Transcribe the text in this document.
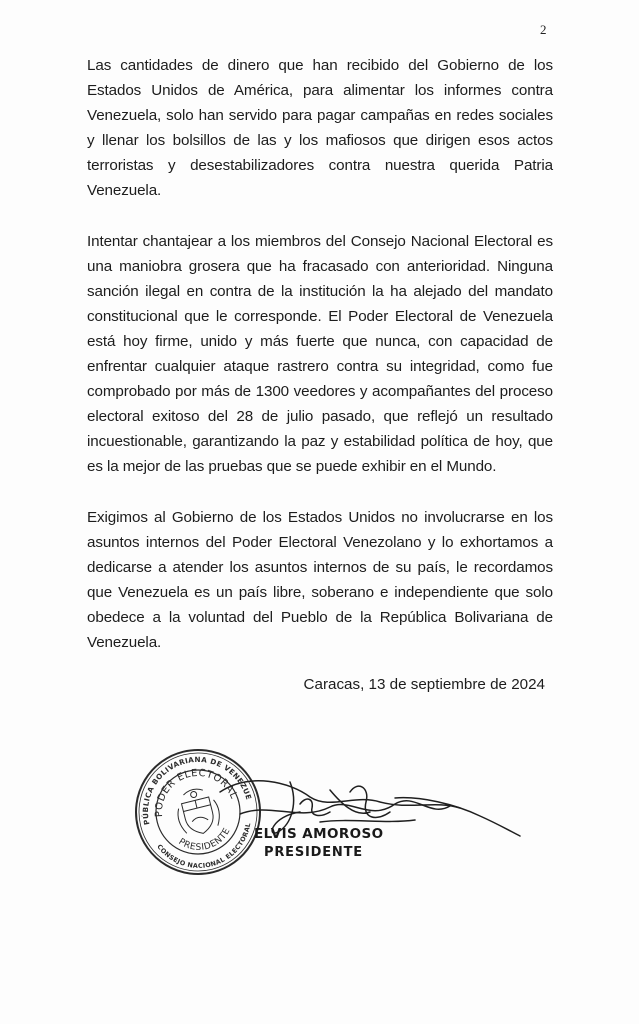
2

Las cantidades de dinero que han recibido del Gobierno de los Estados Unidos de América, para alimentar los informes contra Venezuela, solo han servido para pagar campañas en redes sociales y llenar los bolsillos de las y los mafiosos que dirigen esos actos terroristas y desestabilizadores contra nuestra querida Patria Venezuela.

Intentar chantajear a los miembros del Consejo Nacional Electoral es una maniobra grosera que ha fracasado con anterioridad. Ninguna sanción ilegal en contra de la institución la ha alejado del mandato constitucional que le corresponde. El Poder Electoral de Venezuela está hoy firme, unido y más fuerte que nunca, con capacidad de enfrentar cualquier ataque rastrero contra su integridad, como fue comprobado por más de 1300 veedores y acompañantes del proceso electoral exitoso del 28 de julio pasado, que reflejó un resultado incuestionable, garantizando la paz y estabilidad política de hoy, que es la mejor de las pruebas que se puede exhibir en el Mundo.

Exigimos al Gobierno de los Estados Unidos no involucrarse en los asuntos internos del Poder Electoral Venezolano y lo exhortamos a dedicarse a atender los asuntos internos de su país, le recordamos que Venezuela es un país libre, soberano e independiente que solo obedece a la voluntad del Pueblo de la República Bolivariana de Venezuela.

Caracas, 13 de septiembre de 2024
REPÚBLICA BOLIVARIANA DE VENEZUELA
PODER ELECTORAL
PRESIDENTE
CONSEJO NACIONAL ELECTORAL
ELVIS AMOROSO
PRESIDENTE
